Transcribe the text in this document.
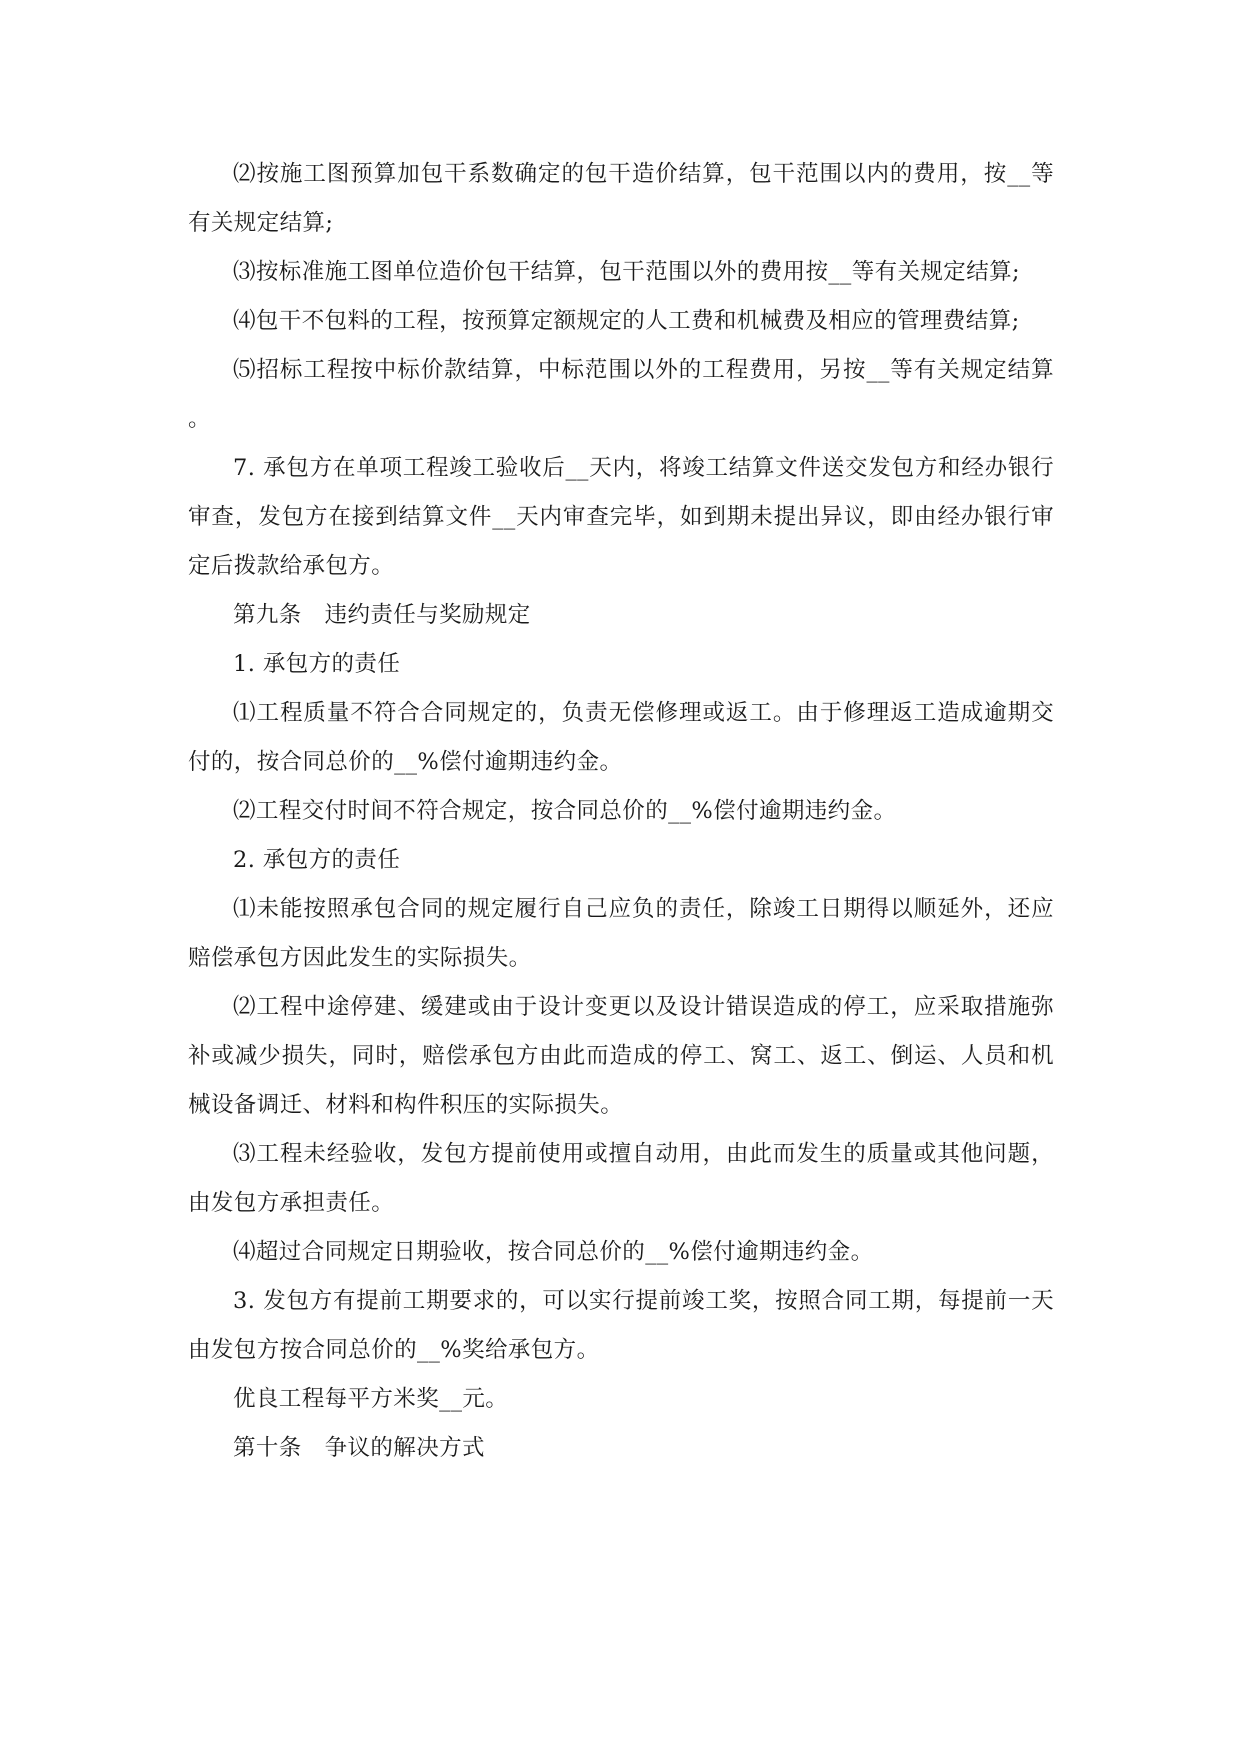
⑵按施工图预算加包干系数确定的包干造价结算，包干范围以内的费用，按__等有关规定结算;

⑶按标准施工图单位造价包干结算，包干范围以外的费用按__等有关规定结算;

⑷包干不包料的工程，按预算定额规定的人工费和机械费及相应的管理费结算;

⑸招标工程按中标价款结算，中标范围以外的工程费用，另按__等有关规定结算。

7. 承包方在单项工程竣工验收后__天内，将竣工结算文件送交发包方和经办银行审查，发包方在接到结算文件__天内审查完毕，如到期未提出异议，即由经办银行审定后拨款给承包方。

第九条　违约责任与奖励规定

1. 承包方的责任

⑴工程质量不符合合同规定的，负责无偿修理或返工。由于修理返工造成逾期交付的，按合同总价的__%偿付逾期违约金。

⑵工程交付时间不符合规定，按合同总价的__%偿付逾期违约金。

2. 承包方的责任

⑴未能按照承包合同的规定履行自己应负的责任，除竣工日期得以顺延外，还应赔偿承包方因此发生的实际损失。

⑵工程中途停建、缓建或由于设计变更以及设计错误造成的停工，应采取措施弥补或减少损失，同时，赔偿承包方由此而造成的停工、窝工、返工、倒运、人员和机械设备调迁、材料和构件积压的实际损失。

⑶工程未经验收，发包方提前使用或擅自动用，由此而发生的质量或其他问题，由发包方承担责任。

⑷超过合同规定日期验收，按合同总价的__%偿付逾期违约金。

3. 发包方有提前工期要求的，可以实行提前竣工奖，按照合同工期，每提前一天由发包方按合同总价的__%奖给承包方。

优良工程每平方米奖__元。

第十条　争议的解决方式
